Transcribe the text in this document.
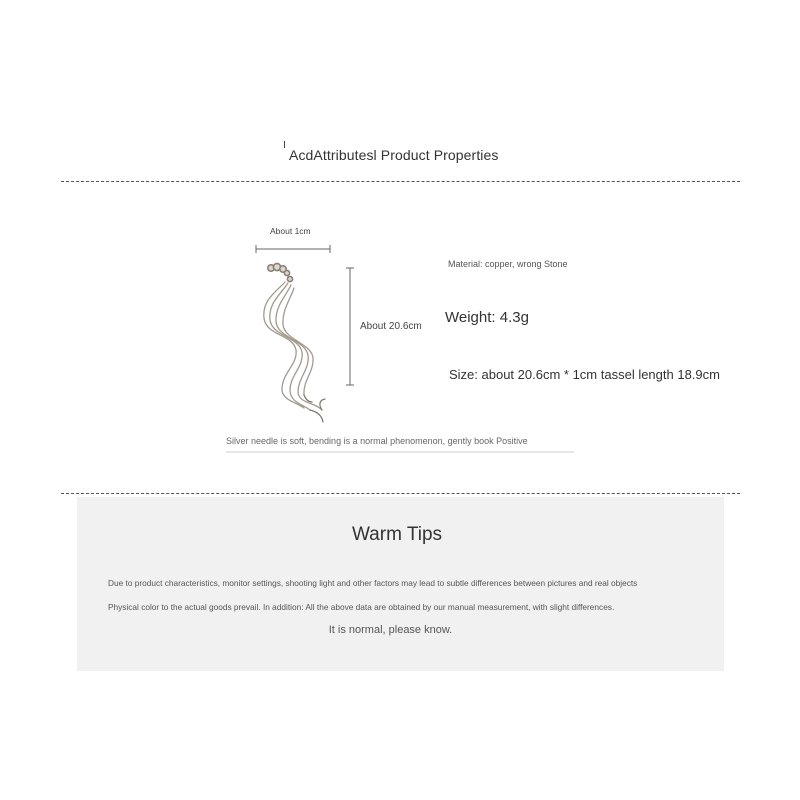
AcdAttributesl Product Properties
About 1cm
About 20.6cm
Material: copper, wrong Stone
Weight: 4.3g
Size: about 20.6cm * 1cm tassel length 18.9cm
Silver needle is soft, bending is a normal phenomenon, gently book Positive
Warm Tips
Due to product characteristics, monitor settings, shooting light and other factors may lead to subtle differences between pictures and real objects
Physical color to the actual goods prevail. In addition: All the above data are obtained by our manual measurement, with slight differences.
It is normal, please know.
